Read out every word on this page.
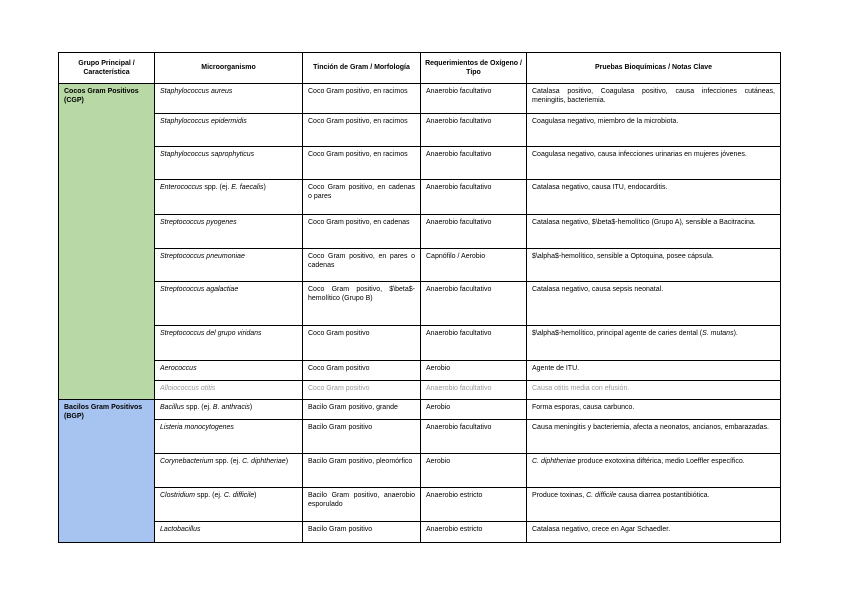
Grupo Principal / Característica	Microorganismo	Tinción de Gram / Morfología	Requerimientos de Oxígeno / Tipo	Pruebas Bioquímicas / Notas Clave
Cocos Gram Positivos (CGP)	Staphylococcus aureus	Coco Gram positivo, en racimos	Anaerobio facultativo	Catalasa positivo, Coagulasa positivo, causa infecciones cutáneas, meningitis, bacteriemia.
	Staphylococcus epidermidis	Coco Gram positivo, en racimos	Anaerobio facultativo	Coagulasa negativo, miembro de la microbiota.
	Staphylococcus saprophyticus	Coco Gram positivo, en racimos	Anaerobio facultativo	Coagulasa negativo, causa infecciones urinarias en mujeres jóvenes.
	Enterococcus spp. (ej. E. faecalis)	Coco Gram positivo, en cadenas o pares	Anaerobio facultativo	Catalasa negativo, causa ITU, endocarditis.
	Streptococcus pyogenes	Coco Gram positivo, en cadenas	Anaerobio facultativo	Catalasa negativo, $\beta$-hemolítico (Grupo A), sensible a Bacitracina.
	Streptococcus pneumoniae	Coco Gram positivo, en pares o cadenas	Capnófilo / Aerobio	$\alpha$-hemolítico, sensible a Optoquina, posee cápsula.
	Streptococcus agalactiae	Coco Gram positivo, $\beta$-hemolítico (Grupo B)	Anaerobio facultativo	Catalasa negativo, causa sepsis neonatal.
	Streptococcus del grupo viridans	Coco Gram positivo	Anaerobio facultativo	$\alpha$-hemolítico, principal agente de caries dental (S. mutans).
	Aerococcus	Coco Gram positivo	Aerobio	Agente de ITU.
	Alloiococcus otitis	Coco Gram positivo	Anaerobio facultativo	Causa otitis media con efusión.
Bacilos Gram Positivos (BGP)	Bacillus spp. (ej. B. anthracis)	Bacilo Gram positivo, grande	Aerobio	Forma esporas, causa carbunco.
	Listeria monocytogenes	Bacilo Gram positivo	Anaerobio facultativo	Causa meningitis y bacteriemia, afecta a neonatos, ancianos, embarazadas.
	Corynebacterium spp. (ej. C. diphtheriae)	Bacilo Gram positivo, pleomórfico	Aerobio	C. diphtheriae produce exotoxina diftérica, medio Loeffler específico.
	Clostridium spp. (ej. C. difficile)	Bacilo Gram positivo, anaerobio esporulado	Anaerobio estricto	Produce toxinas, C. difficile causa diarrea postantibiótica.
	Lactobacillus	Bacilo Gram positivo	Anaerobio estricto	Catalasa negativo, crece en Agar Schaedler.
